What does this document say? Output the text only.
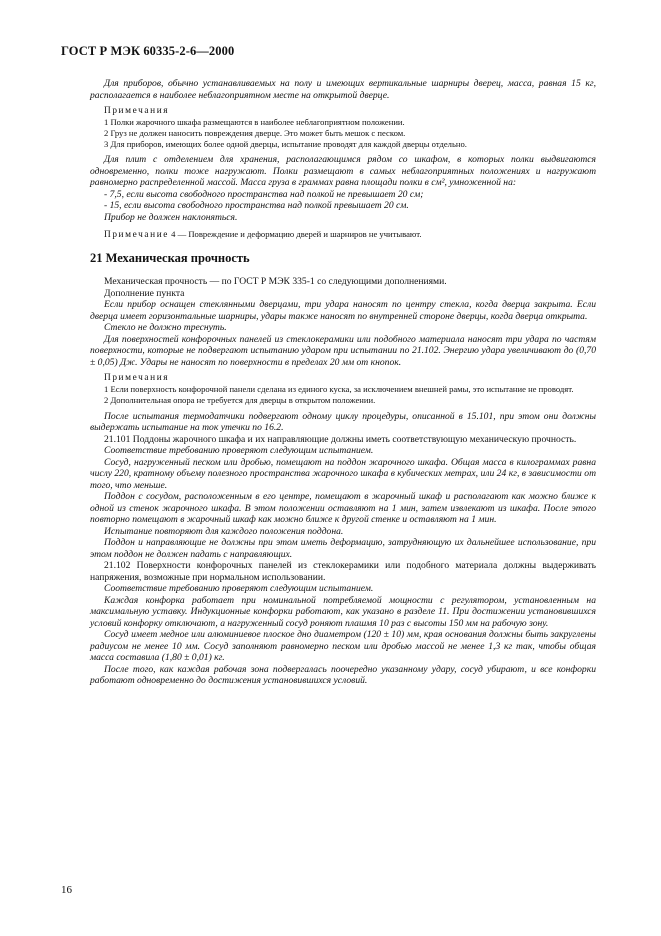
ГОСТ Р МЭК 60335-2-6—2000

Для приборов, обычно устанавливаемых на полу и имеющих вертикальные шарниры дверец, масса, равная 15 кг, располагается в наиболее неблагоприятном месте на открытой дверце.

Примечания

1 Полки жарочного шкафа размещаются в наиболее неблагоприятном положении.

2 Груз не должен наносить повреждения дверце. Это может быть мешок с песком.

3 Для приборов, имеющих более одной дверцы, испытание проводят для каждой дверцы отдельно.

Для плит с отделением для хранения, располагающимся рядом со шкафом, в которых полки выдвигаются одновременно, полки тоже нагружают. Полки размещают в самых неблагоприятных положениях и нагружают равномерно распределенной массой. Масса груза в граммах равна площади полки в см², умноженной на:

- 7,5, если высота свободного пространства над полкой не превышает 20 см;

- 15, если высота свободного пространства над полкой превышает 20 см.

Прибор не должен наклоняться.

Примечание 4 — Повреждение и деформацию дверей и шарниров не учитывают.

21 Механическая прочность

Механическая прочность — по ГОСТ Р МЭК 335-1 со следующими дополнениями.

Дополнение пункта

Если прибор оснащен стеклянными дверцами, три удара наносят по центру стекла, когда дверца закрыта. Если дверца имеет горизонтальные шарниры, удары также наносят по внутренней стороне дверцы, когда дверца открыта.

Стекло не должно треснуть.

Для поверхностей конфорочных панелей из стеклокерамики или подобного материала наносят три удара по частям поверхности, которые не подвергают испытанию ударом при испытании по 21.102. Энергию удара увеличивают до (0,70 ± 0,05) Дж. Удары не наносят по поверхности в пределах 20 мм от кнопок.

Примечания

1 Если поверхность конфорочной панели сделана из единого куска, за исключением внешней рамы, это испытание не проводят.

2 Дополнительная опора не требуется для дверцы в открытом положении.

После испытания термодатчики подвергают одному циклу процедуры, описанной в 15.101, при этом они должны выдержать испытание на ток утечки по 16.2.

21.101 Поддоны жарочного шкафа и их направляющие должны иметь соответствующую механическую прочность.

Соответствие требованию проверяют следующим испытанием.

Сосуд, нагруженный песком или дробью, помещают на поддон жарочного шкафа. Общая масса в килограммах равна числу 220, кратному объему полезного пространства жарочного шкафа в кубических метрах, или 24 кг, в зависимости от того, что меньше.

Поддон с сосудом, расположенным в его центре, помещают в жарочный шкаф и располагают как можно ближе к одной из стенок жарочного шкафа. В этом положении оставляют на 1 мин, затем извлекают из шкафа. После этого повторно помещают в жарочный шкаф как можно ближе к другой стенке и оставляют на 1 мин.

Испытание повторяют для каждого положения поддона.

Поддон и направляющие не должны при этом иметь деформацию, затрудняющую их дальнейшее использование, при этом поддон не должен падать с направляющих.

21.102 Поверхности конфорочных панелей из стеклокерамики или подобного материала должны выдерживать напряжения, возможные при нормальном использовании.

Соответствие требованию проверяют следующим испытанием.

Каждая конфорка работает при номинальной потребляемой мощности с регулятором, установленным на максимальную уставку. Индукционные конфорки работают, как указано в разделе 11. При достижении установившихся условий конфорку отключают, а нагруженный сосуд роняют плашмя 10 раз с высоты 150 мм на рабочую зону.

Сосуд имеет медное или алюминиевое плоское дно диаметром (120 ± 10) мм, края основания должны быть закруглены радиусом не менее 10 мм. Сосуд заполняют равномерно песком или дробью массой не менее 1,3 кг так, чтобы общая масса составила (1,80 ± 0,01) кг.

После того, как каждая рабочая зона подвергалась поочередно указанному удару, сосуд убирают, и все конфорки работают одновременно до достижения установившихся условий.

16
